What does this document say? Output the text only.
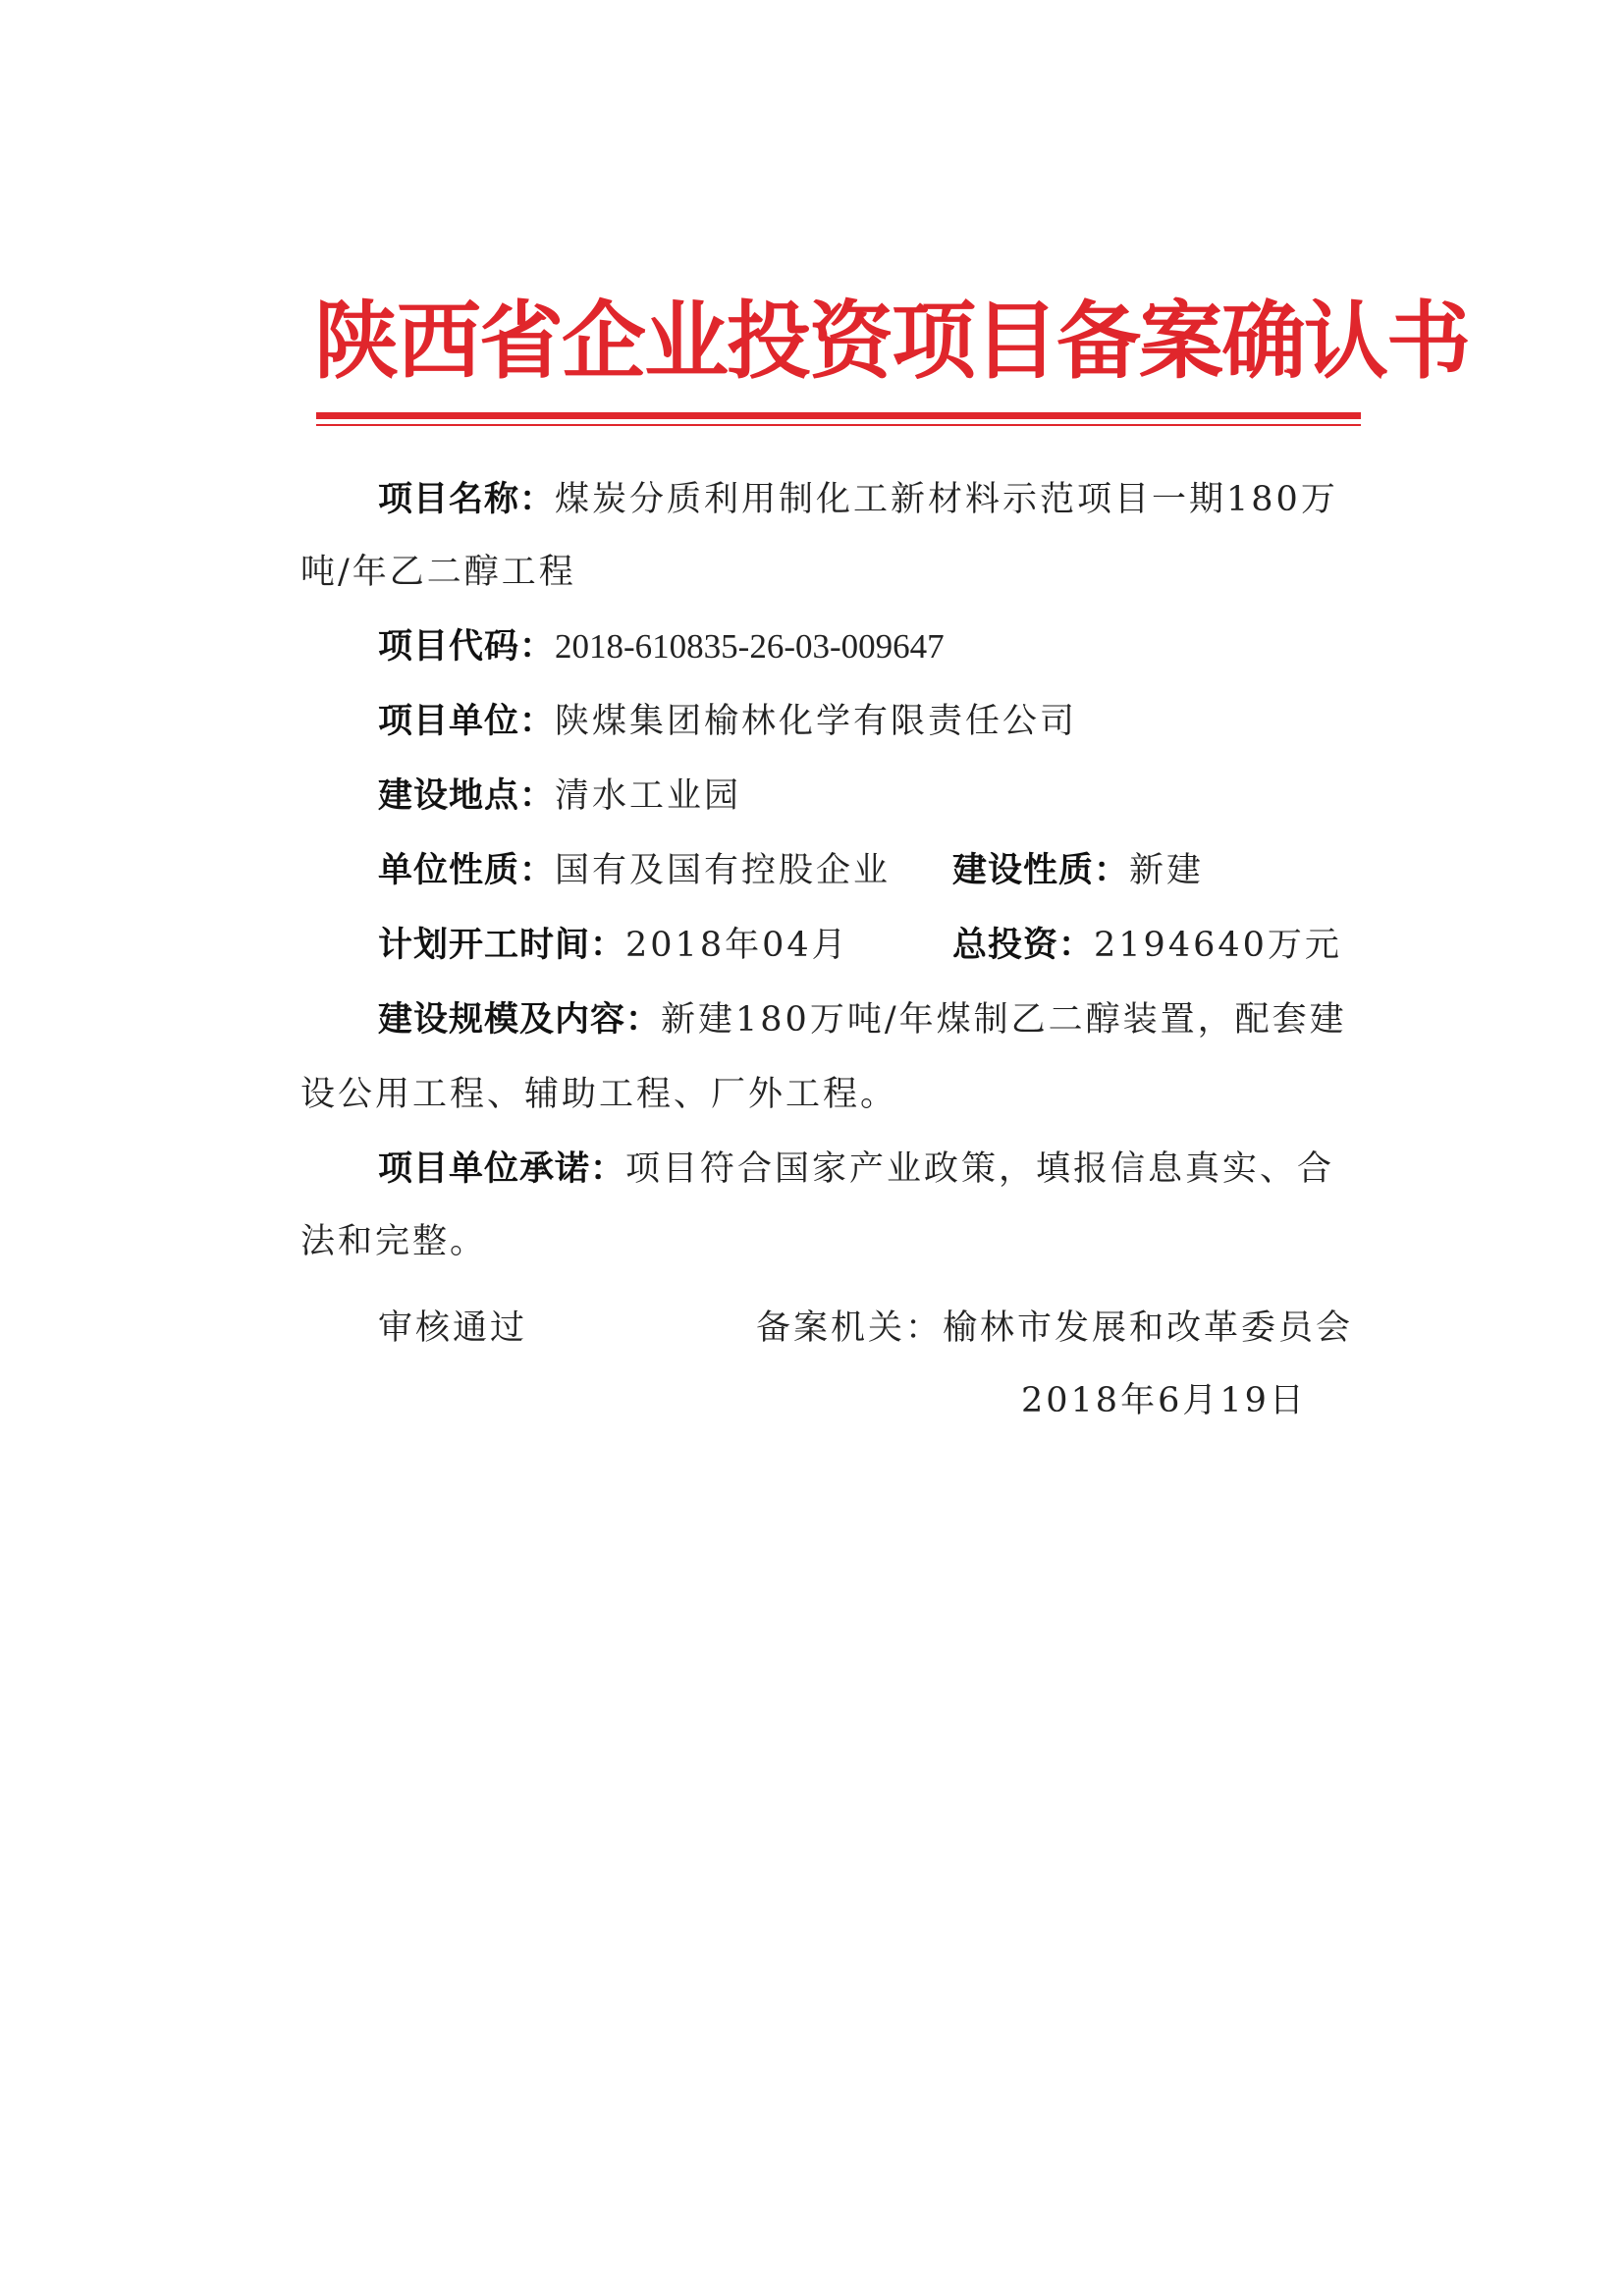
陕西省企业投资项目备案确认书
项目名称：煤炭分质利用制化工新材料示范项目一期180万
吨/年乙二醇工程
项目代码：2018-610835-26-03-009647
项目单位：陕煤集团榆林化学有限责任公司
建设地点：清水工业园
单位性质：国有及国有控股企业 建设性质：新建
计划开工时间：2018年04月	总投资：2194640万元
建设规模及内容：新建180万吨/年煤制乙二醇装置，配套建
设公用工程、辅助工程、厂外工程。
项目单位承诺：项目符合国家产业政策，填报信息真实、合
法和完整。
审核通过	备案机关：榆林市发展和改革委员会
2018年6月19日
